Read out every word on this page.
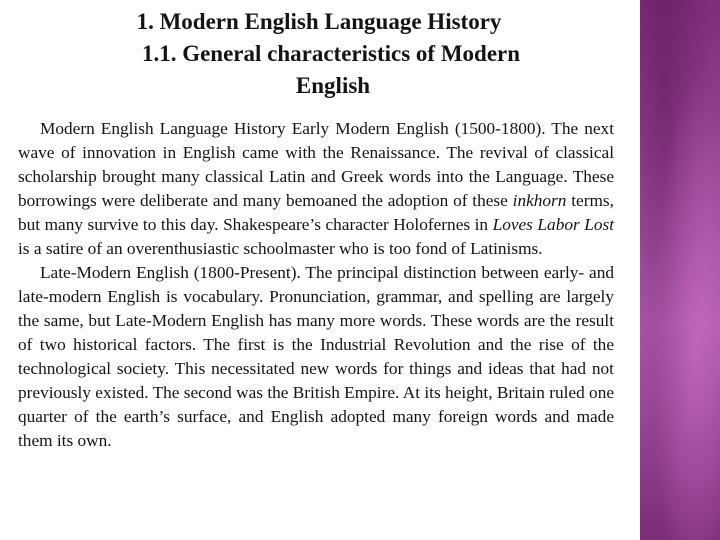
1. Modern English Language History
1.1. General characteristics of Modern
English

Modern English Language History Early Modern English (1500-1800). The next wave of innovation in English came with the Renaissance. The revival of classical scholarship brought many classical Latin and Greek words into the Language. These borrowings were deliberate and many bemoaned the adoption of these inkhorn terms, but many survive to this day. Shakespeare’s character Holofernes in Loves Labor Lost is a satire of an overenthusiastic schoolmaster who is too fond of Latinisms.

Late-Modern English (1800-Present). The principal distinction between early- and late-modern English is vocabulary. Pronunciation, grammar, and spelling are largely the same, but Late-Modern English has many more words. These words are the result of two historical factors. The first is the Industrial Revolution and the rise of the technological society. This necessitated new words for things and ideas that had not previously existed. The second was the British Empire. At its height, Britain ruled one quarter of the earth’s surface, and English adopted many foreign words and made them its own.
